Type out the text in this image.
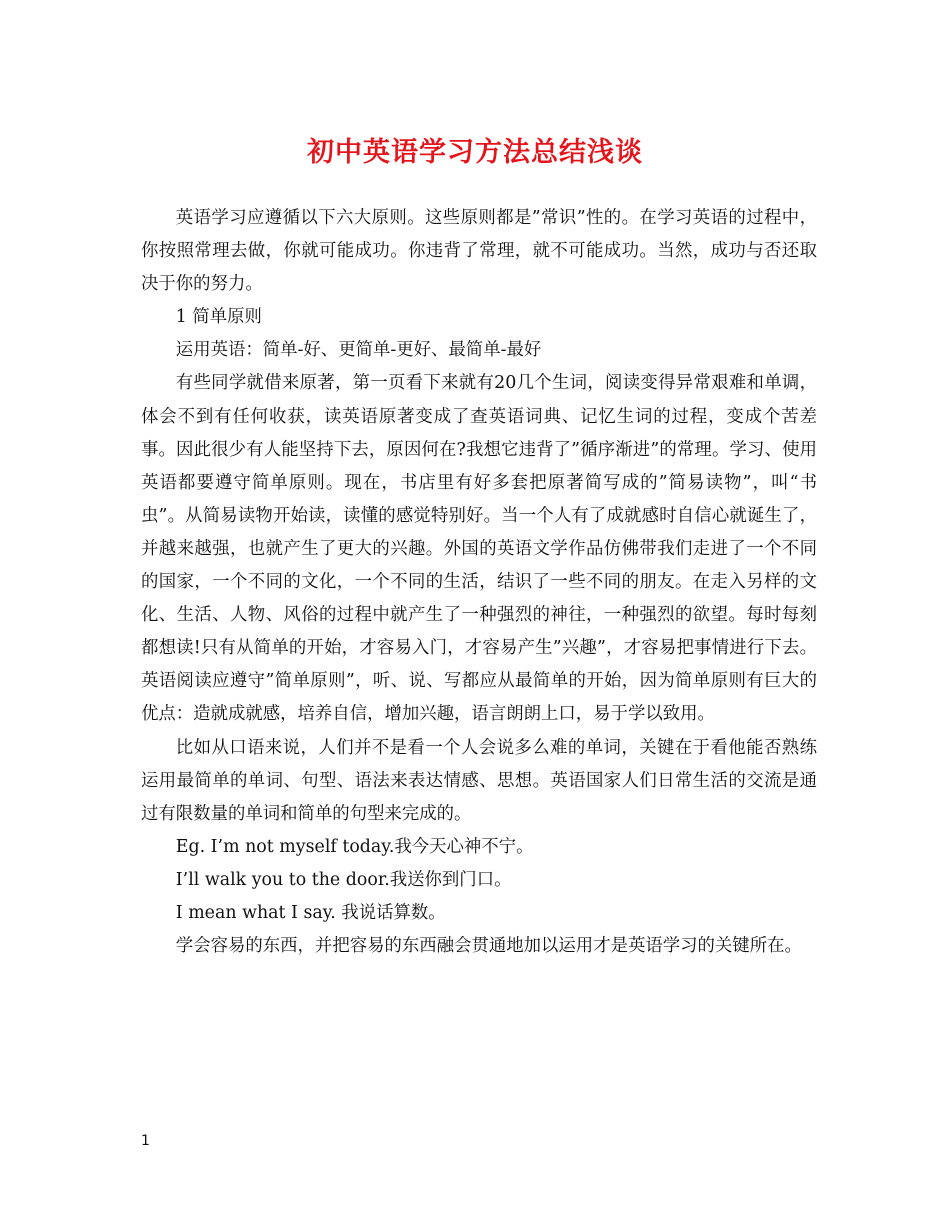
初中英语学习方法总结浅谈

英语学习应遵循以下六大原则。这些原则都是”常识”性的。在学习英语的过程中，你按照常理去做，你就可能成功。你违背了常理，就不可能成功。当然，成功与否还取决于你的努力。

1 简单原则

运用英语：简单-好、更简单-更好、最简单-最好

有些同学就借来原著，第一页看下来就有20几个生词，阅读变得异常艰难和单调，体会不到有任何收获，读英语原著变成了查英语词典、记忆生词的过程，变成个苦差事。因此很少有人能坚持下去，原因何在?我想它违背了”循序渐进”的常理。学习、使用英语都要遵守简单原则。现在，书店里有好多套把原著简写成的”简易读物”，叫“书虫”。从简易读物开始读，读懂的感觉特别好。当一个人有了成就感时自信心就诞生了，并越来越强，也就产生了更大的兴趣。外国的英语文学作品仿佛带我们走进了一个不同的国家，一个不同的文化，一个不同的生活，结识了一些不同的朋友。在走入另样的文化、生活、人物、风俗的过程中就产生了一种强烈的神往，一种强烈的欲望。每时每刻都想读!只有从简单的开始，才容易入门，才容易产生”兴趣”，才容易把事情进行下去。英语阅读应遵守”简单原则”，听、说、写都应从最简单的开始，因为简单原则有巨大的优点：造就成就感，培养自信，增加兴趣，语言朗朗上口，易于学以致用。

比如从口语来说，人们并不是看一个人会说多么难的单词，关键在于看他能否熟练运用最简单的单词、句型、语法来表达情感、思想。英语国家人们日常生活的交流是通过有限数量的单词和简单的句型来完成的。

Eg. I’m not myself today.我今天心神不宁。

I’ll walk you to the door.我送你到门口。

I mean what I say. 我说话算数。

学会容易的东西，并把容易的东西融会贯通地加以运用才是英语学习的关键所在。

1
